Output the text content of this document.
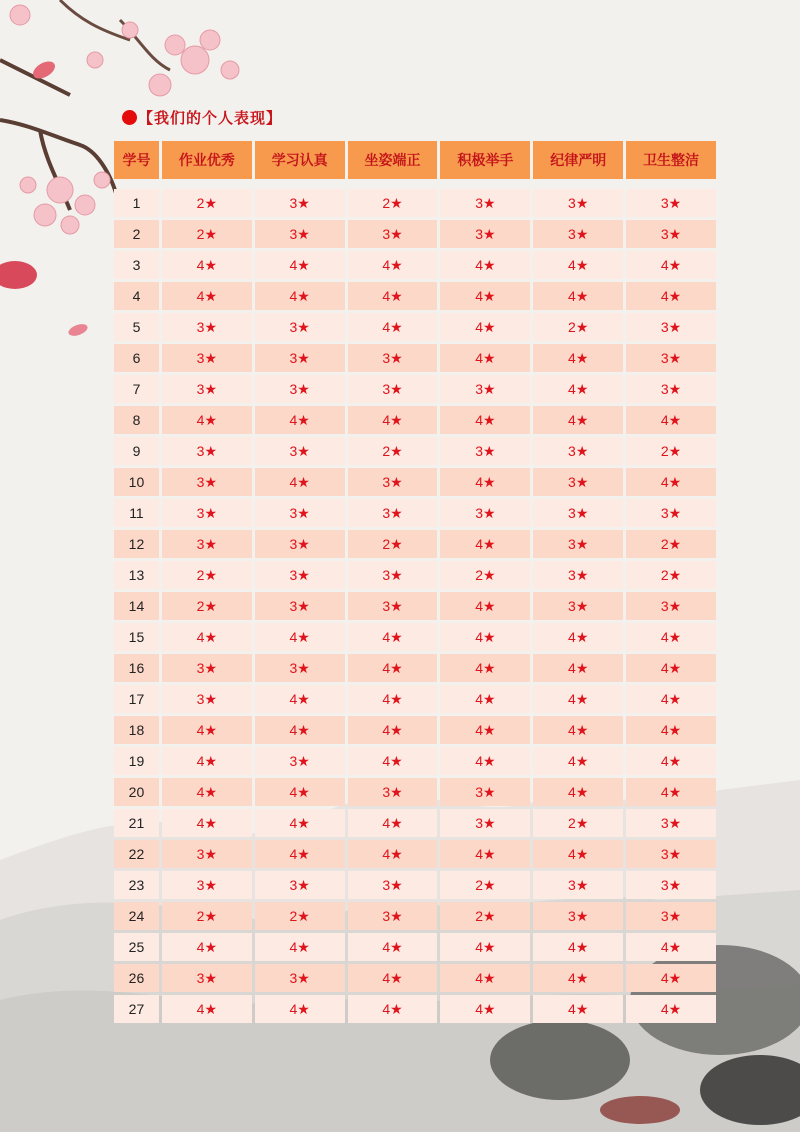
【我们的个人表现】
学号	作业优秀	学习认真	坐姿端正	积极举手	纪律严明	卫生整洁

1	2★	3★	2★	3★	3★	3★
2	2★	3★	3★	3★	3★	3★
3	4★	4★	4★	4★	4★	4★
4	4★	4★	4★	4★	4★	4★
5	3★	3★	4★	4★	2★	3★
6	3★	3★	3★	4★	4★	3★
7	3★	3★	3★	3★	4★	3★
8	4★	4★	4★	4★	4★	4★
9	3★	3★	2★	3★	3★	2★
10	3★	4★	3★	4★	3★	4★
11	3★	3★	3★	3★	3★	3★
12	3★	3★	2★	4★	3★	2★
13	2★	3★	3★	2★	3★	2★
14	2★	3★	3★	4★	3★	3★
15	4★	4★	4★	4★	4★	4★
16	3★	3★	4★	4★	4★	4★
17	3★	4★	4★	4★	4★	4★
18	4★	4★	4★	4★	4★	4★
19	4★	3★	4★	4★	4★	4★
20	4★	4★	3★	3★	4★	4★
21	4★	4★	4★	3★	2★	3★
22	3★	4★	4★	4★	4★	3★
23	3★	3★	3★	2★	3★	3★
24	2★	2★	3★	2★	3★	3★
25	4★	4★	4★	4★	4★	4★
26	3★	3★	4★	4★	4★	4★
27	4★	4★	4★	4★	4★	4★
